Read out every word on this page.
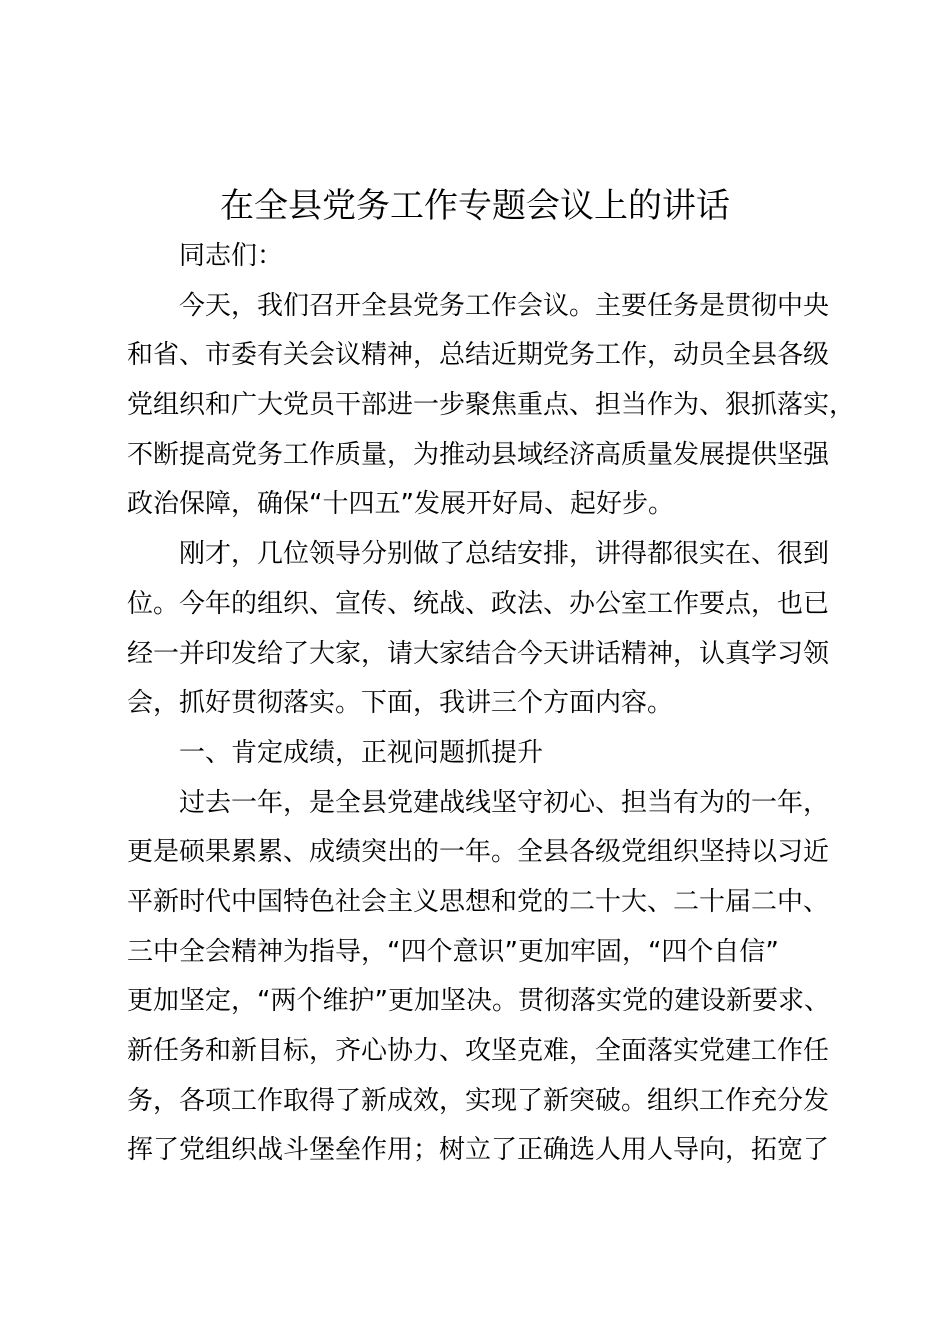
在全县党务工作专题会议上的讲话
同志们：
今天，我们召开全县党务工作会议。主要任务是贯彻中央
和省、市委有关会议精神，总结近期党务工作，动员全县各级
党组织和广大党员干部进一步聚焦重点、担当作为、狠抓落实，
不断提高党务工作质量，为推动县域经济高质量发展提供坚强
政治保障，确保“十四五”发展开好局、起好步。
刚才，几位领导分别做了总结安排，讲得都很实在、很到
位。今年的组织、宣传、统战、政法、办公室工作要点，也已
经一并印发给了大家，请大家结合今天讲话精神，认真学习领
会，抓好贯彻落实。下面，我讲三个方面内容。
一、肯定成绩，正视问题抓提升
过去一年，是全县党建战线坚守初心、担当有为的一年，
更是硕果累累、成绩突出的一年。全县各级党组织坚持以习近
平新时代中国特色社会主义思想和党的二十大、二十届二中、
三中全会精神为指导，“四个意识”更加牢固，“四个自信”
更加坚定，“两个维护”更加坚决。贯彻落实党的建设新要求、
新任务和新目标，齐心协力、攻坚克难，全面落实党建工作任
务，各项工作取得了新成效，实现了新突破。组织工作充分发
挥了党组织战斗堡垒作用；树立了正确选人用人导向，拓宽了
